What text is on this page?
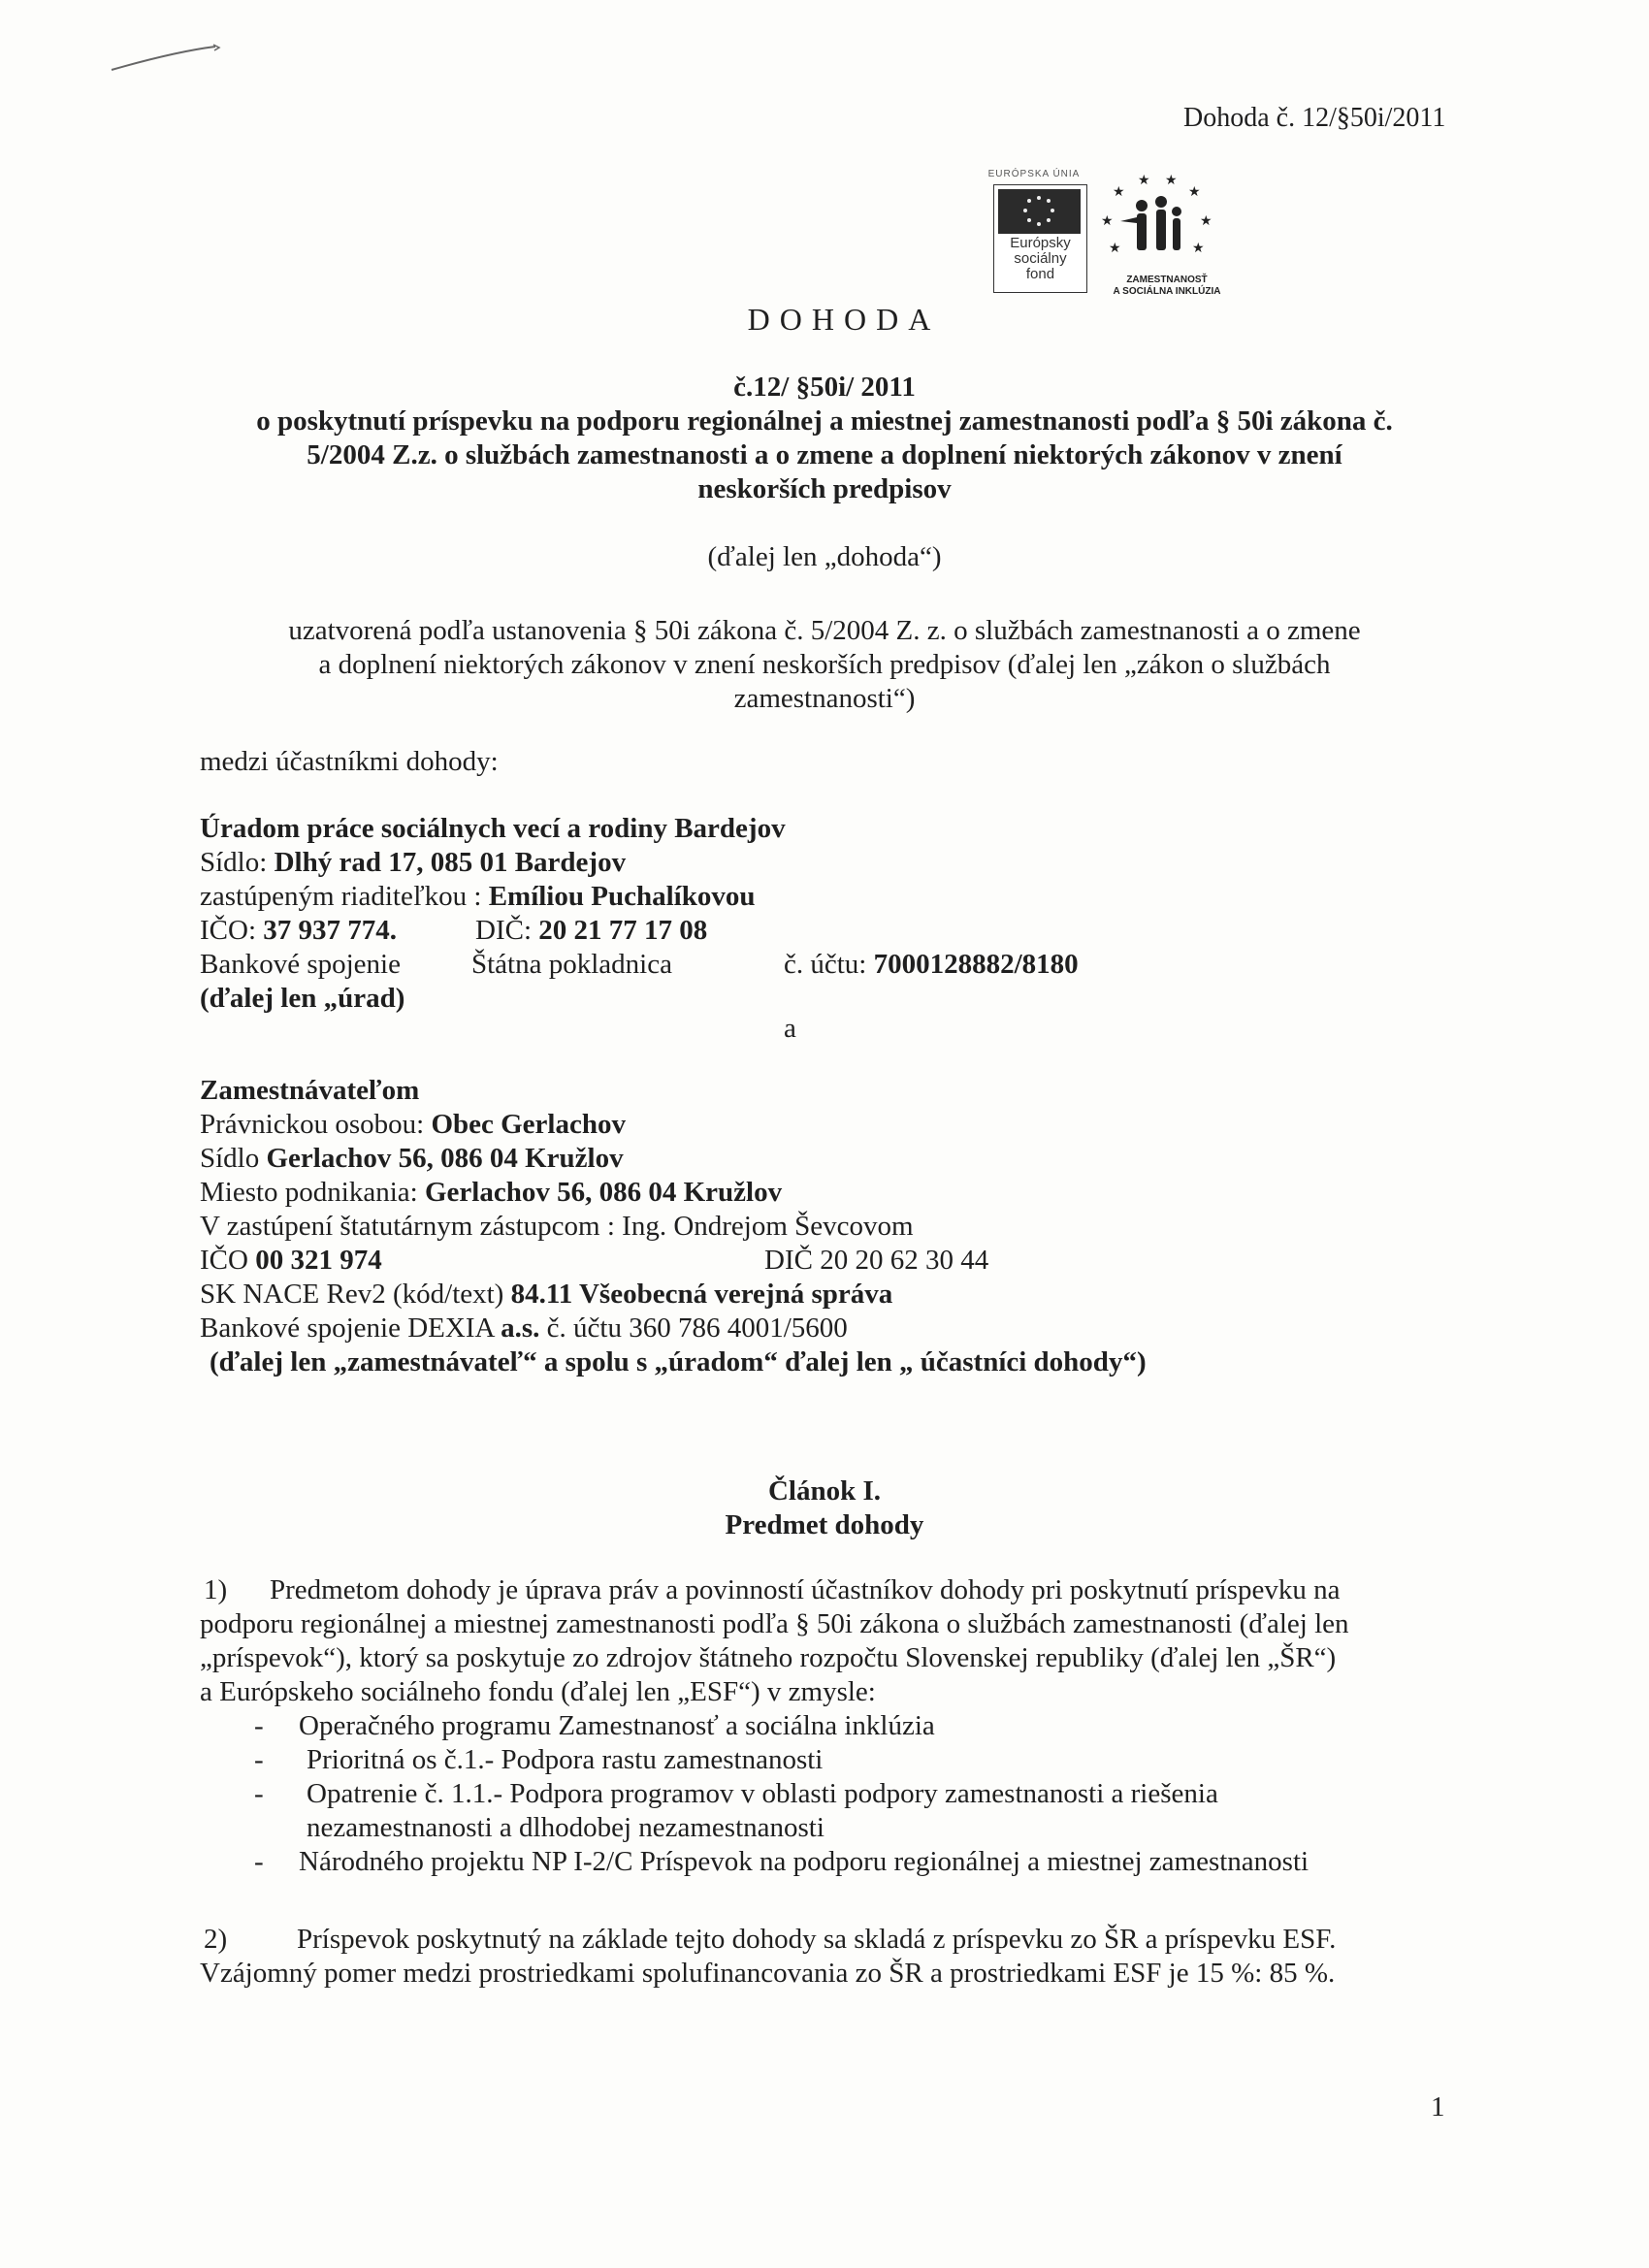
Dohoda č. 12/§50i/2011
EURÓPSKA ÚNIA
Európsky
sociálny
fond
★ ★
★
★
★
★
★
★
ZAMESTNANOSŤ
A SOCIÁLNA INKLÚZIA
DOHODA
č.12/ §50i/ 2011
o poskytnutí príspevku na podporu regionálnej a miestnej zamestnanosti podľa § 50i zákona č.
5/2004 Z.z. o službách zamestnanosti a o zmene a doplnení niektorých zákonov v znení
neskorších predpisov
(ďalej len „dohoda“)
uzatvorená podľa ustanovenia § 50i zákona č. 5/2004 Z. z. o službách zamestnanosti a o zmene
a doplnení niektorých zákonov v znení neskorších predpisov (ďalej len „zákon o službách
zamestnanosti“)
medzi účastníkmi dohody:
Úradom práce sociálnych vecí a rodiny Bardejov
Sídlo: Dlhý rad 17, 085 01 Bardejov
zastúpeným riaditeľkou : Emíliou Puchalíkovou
IČO: 37 937 774.	DIČ: 20 21 77 17 08
Bankové spojenie	Štátna pokladnica	č. účtu: 7000128882/8180
(ďalej len „úrad)
a
Zamestnávateľom
Právnickou osobou: Obec Gerlachov
Sídlo Gerlachov 56, 086 04 Kružlov
Miesto podnikania: Gerlachov 56, 086 04 Kružlov
V zastúpení štatutárnym zástupcom : Ing. Ondrejom Ševcovom
IČO 00 321 974	DIČ 20 20 62 30 44
SK NACE Rev2 (kód/text) 84.11 Všeobecná verejná správa
Bankové spojenie DEXIA a.s. č. účtu 360 786 4001/5600
(ďalej len „zamestnávateľ“ a spolu s „úradom“ ďalej len „ účastníci dohody“)
Článok I.
Predmet dohody
1) Predmetom dohody je úprava práv a povinností účastníkov dohody pri poskytnutí príspevku na
podporu regionálnej a miestnej zamestnanosti podľa § 50i zákona o službách zamestnanosti (ďalej len
„príspevok“), ktorý sa poskytuje zo zdrojov štátneho rozpočtu Slovenskej republiky (ďalej len „ŠR“)
a Európskeho sociálneho fondu (ďalej len „ESF“) v zmysle:
- Operačného programu Zamestnanosť a sociálna inklúzia
- Prioritná os č.1.- Podpora rastu zamestnanosti
- Opatrenie č. 1.1.- Podpora programov v oblasti podpory zamestnanosti a riešenia
nezamestnanosti a dlhodobej nezamestnanosti
- Národného projektu NP I-2/C Príspevok na podporu regionálnej a miestnej zamestnanosti
2) Príspevok poskytnutý na základe tejto dohody sa skladá z príspevku zo ŠR a príspevku ESF.
Vzájomný pomer medzi prostriedkami spolufinancovania zo ŠR a prostriedkami ESF je 15 %: 85 %.
1
